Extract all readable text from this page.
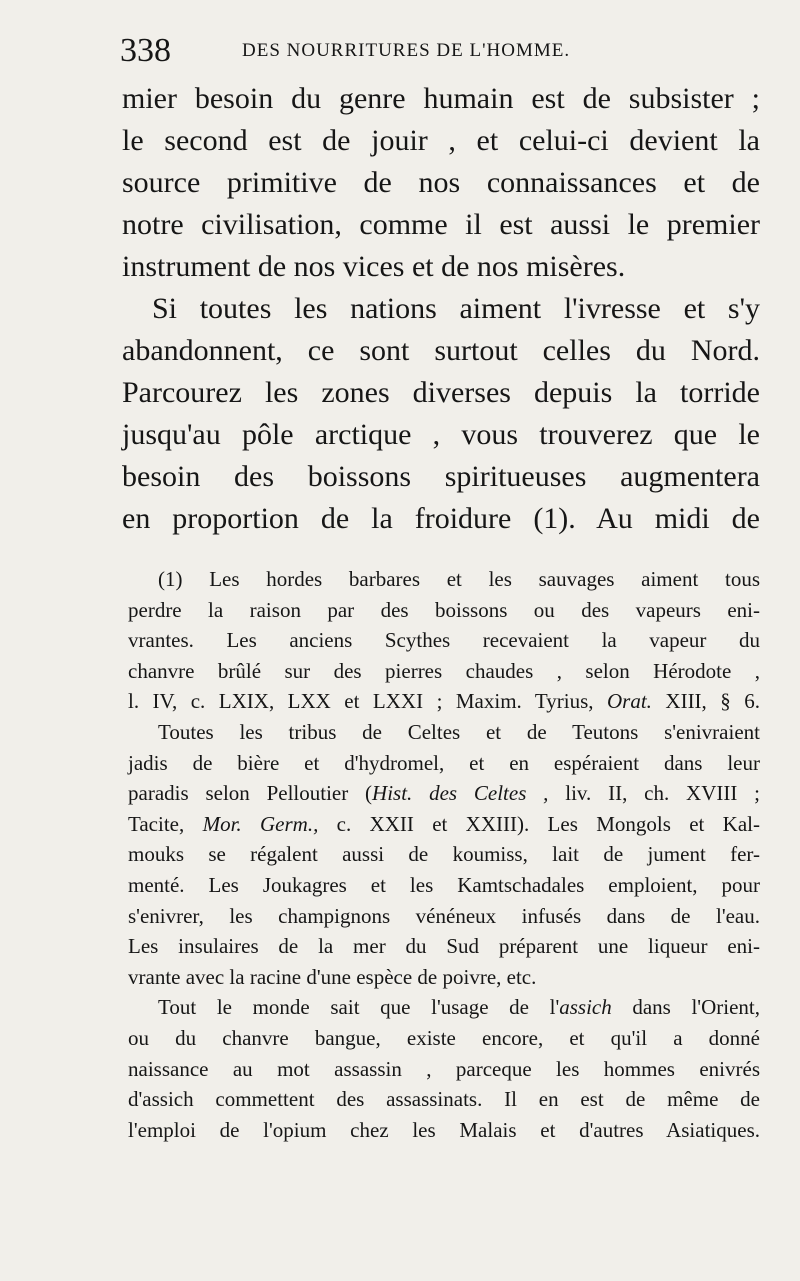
338	DES NOURRITURES DE L'HOMME.
mier besoin du genre humain est de subsister ;
le second est de jouir , et celui-ci devient la
source primitive de nos connaissances et de
notre civilisation, comme il est aussi le premier
instrument de nos vices et de nos misères.
Si toutes les nations aiment l'ivresse et s'y
abandonnent, ce sont surtout celles du Nord.
Parcourez les zones diverses depuis la torride
jusqu'au pôle arctique , vous trouverez que le
besoin des boissons spiritueuses augmentera
en proportion de la froidure (1). Au midi de
(1) Les hordes barbares et les sauvages aiment tous
perdre la raison par des boissons ou des vapeurs eni-
vrantes. Les anciens Scythes recevaient la vapeur du
chanvre brûlé sur des pierres chaudes , selon Hérodote ,
l. IV, c. LXIX, LXX et LXXI ; Maxim. Tyrius, Orat. XIII, § 6.
Toutes les tribus de Celtes et de Teutons s'enivraient
jadis de bière et d'hydromel, et en espéraient dans leur
paradis selon Pelloutier (Hist. des Celtes , liv. II, ch. XVIII ;
Tacite, Mor. Germ., c. XXII et XXIII). Les Mongols et Kal-
mouks se régalent aussi de koumiss, lait de jument fer-
menté. Les Joukagres et les Kamtschadales emploient, pour
s'enivrer, les champignons vénéneux infusés dans de l'eau.
Les insulaires de la mer du Sud préparent une liqueur eni-
vrante avec la racine d'une espèce de poivre, etc.
Tout le monde sait que l'usage de l'assich dans l'Orient,
ou du chanvre bangue, existe encore, et qu'il a donné
naissance au mot assassin , parceque les hommes enivrés
d'assich commettent des assassinats. Il en est de même de
l'emploi de l'opium chez les Malais et d'autres Asiatiques.
